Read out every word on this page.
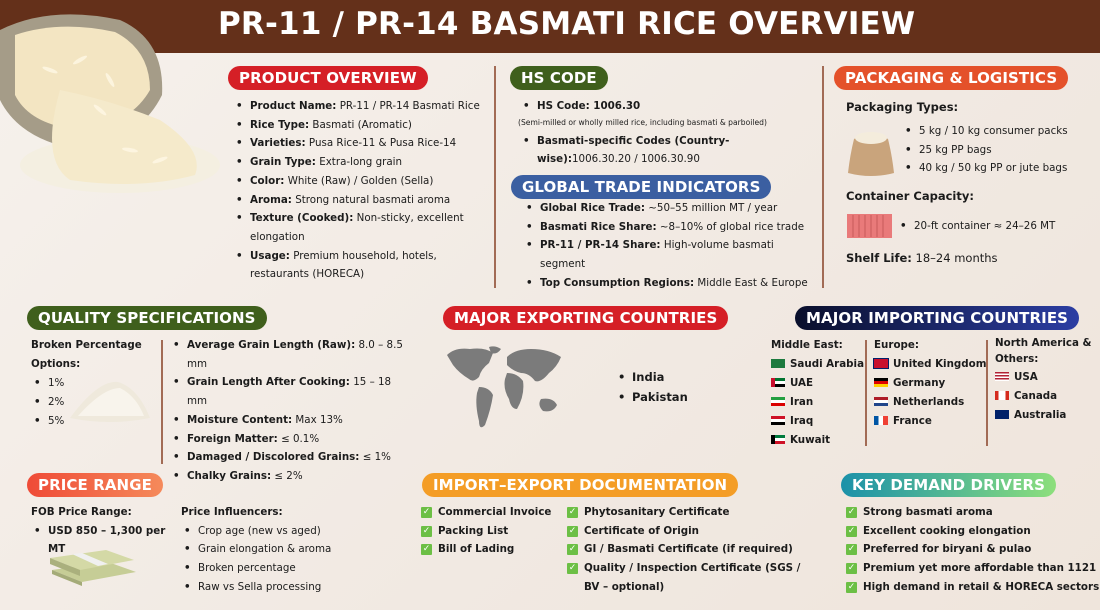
PR-11 / PR-14 BASMATI RICE OVERVIEW
PRODUCT OVERVIEW
• Product Name: PR-11 / PR-14 Basmati Rice
• Rice Type: Basmati (Aromatic)
• Varieties: Pusa Rice-11 & Pusa Rice-14
• Grain Type: Extra-long grain
• Color: White (Raw) / Golden (Sella)
• Aroma: Strong natural basmati aroma
• Texture (Cooked): Non-sticky, excellent elongation
• Usage: Premium household, hotels, restaurants (HORECA)
HS CODE
• HS Code: 1006.30
(Semi-milled or wholly milled rice, including basmati & parboiled)
• Basmati-specific Codes (Country-wise):1006.30.20 / 1006.30.90
GLOBAL TRADE INDICATORS
• Global Rice Trade: ~50–55 million MT / year
• Basmati Rice Share: ~8–10% of global rice trade
• PR-11 / PR-14 Share: High-volume basmati segment
• Top Consumption Regions: Middle East & Europe
PACKAGING & LOGISTICS
Packaging Types:
• 5 kg / 10 kg consumer packs
• 25 kg PP bags
• 40 kg / 50 kg PP or jute bags
Container Capacity:
• 20-ft container ≈ 24–26 MT
Shelf Life: 18–24 months
QUALITY SPECIFICATIONS
Broken Percentage Options:
• 1%
• 2%
• 5%
• Average Grain Length (Raw): 8.0 – 8.5 mm
• Grain Length After Cooking: 15 – 18 mm
• Moisture Content: Max 13%
• Foreign Matter: ≤ 0.1%
• Damaged / Discolored Grains: ≤ 1%
• Chalky Grains: ≤ 2%
MAJOR EXPORTING COUNTRIES
• India
• Pakistan
MAJOR IMPORTING COUNTRIES
Middle East:
Saudi Arabia
UAE
Iran
Iraq
Kuwait
Europe:
United Kingdom
Germany
Netherlands
France
North America & Others:
USA
Canada
Australia
PRICE RANGE
FOB Price Range:
• USD 850 – 1,300 per MT
Price Influencers:
• Crop age (new vs aged)
• Grain elongation & aroma
• Broken percentage
• Raw vs Sella processing
IMPORT–EXPORT DOCUMENTATION
✓ Commercial Invoice
✓ Packing List
✓ Bill of Lading
✓ Phytosanitary Certificate
✓ Certificate of Origin
✓ GI / Basmati Certificate (if required)
✓ Quality / Inspection Certificate (SGS / BV – optional)
KEY DEMAND DRIVERS
✓ Strong basmati aroma
✓ Excellent cooking elongation
✓ Preferred for biryani & pulao
✓ Premium yet more affordable than 1121
✓ High demand in retail & HORECA sectors
